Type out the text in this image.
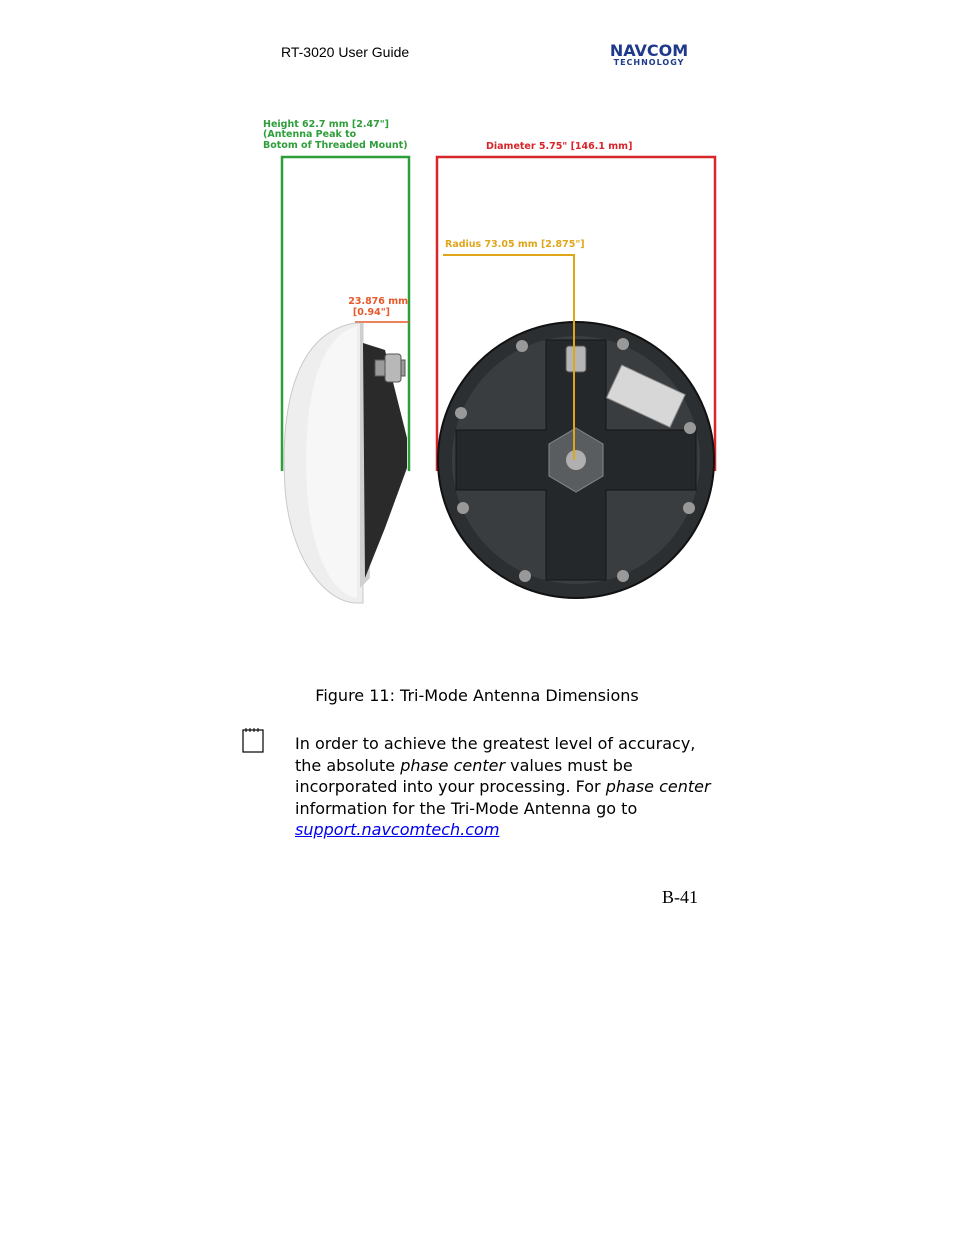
RT-3020 User Guide	NAVCOM
TECHNOLOGY
Height 62.7 mm [2.47"]
(Antenna Peak to
Botom of Threaded Mount)	Diameter 5.75" [146.1 mm]
Radius 73.05 mm [2.875"]
23.876 mm
[0.94"]
Figure 11: Tri-Mode Antenna Dimensions
In order to achieve the greatest level of accuracy, the absolute phase center values must be incorporated into your processing. For phase center information for the Tri-Mode Antenna go to
support.navcomtech.com
B-41
